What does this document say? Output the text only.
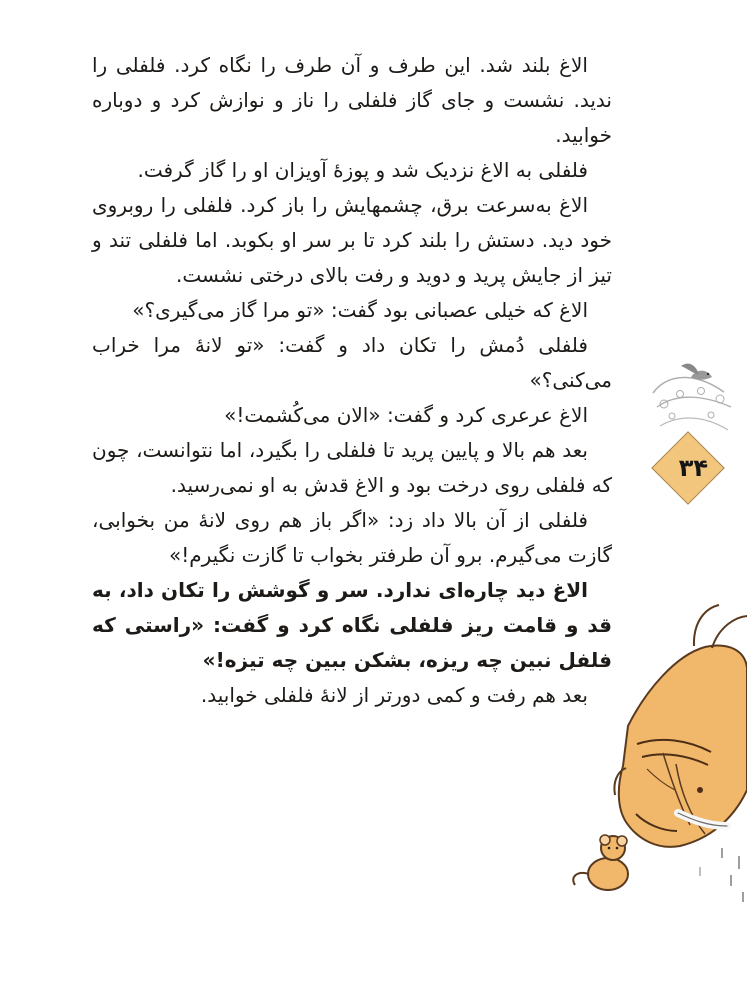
الاغ بلند شد. این طرف و آن طرف را نگاه کرد. فلفلی را ندید. نشست و جای گاز فلفلی را ناز و نوازش کرد و دوباره خوابید.

فلفلی به الاغ نزدیک شد و پوزهٔ آویزان او را گاز گرفت.

الاغ به‌سرعت برق، چشمهایش را باز کرد. فلفلی را روبروی خود دید. دستش را بلند کرد تا بر سر او بکوبد. اما فلفلی تند و تیز از جایش پرید و دوید و رفت بالای درختی نشست.

الاغ که خیلی عصبانی بود گفت: «تو مرا گاز می‌گیری؟»

فلفلی دُمش را تکان داد و گفت: «تو لانهٔ مرا خراب می‌کنی؟»

الاغ عرعری کرد و گفت: «الان می‌کُشمت!»

بعد هم بالا و پایین پرید تا فلفلی را بگیرد، اما نتوانست، چون که فلفلی روی درخت بود و الاغ قدش به او نمی‌رسید.

فلفلی از آن بالا داد زد: «اگر باز هم روی لانهٔ من بخوابی، گازت می‌گیرم. برو آن طرفتر بخواب تا گازت نگیرم!»

الاغ دید چاره‌ای ندارد. سر و گوشش را تکان داد، به قد و قامت ریز فلفلی نگاه کرد و گفت: «راستی که فلفل نبین چه ریزه، بشکن ببین چه تیزه!»

بعد هم رفت و کمی دورتر از لانهٔ فلفلی خوابید.

۳۴
